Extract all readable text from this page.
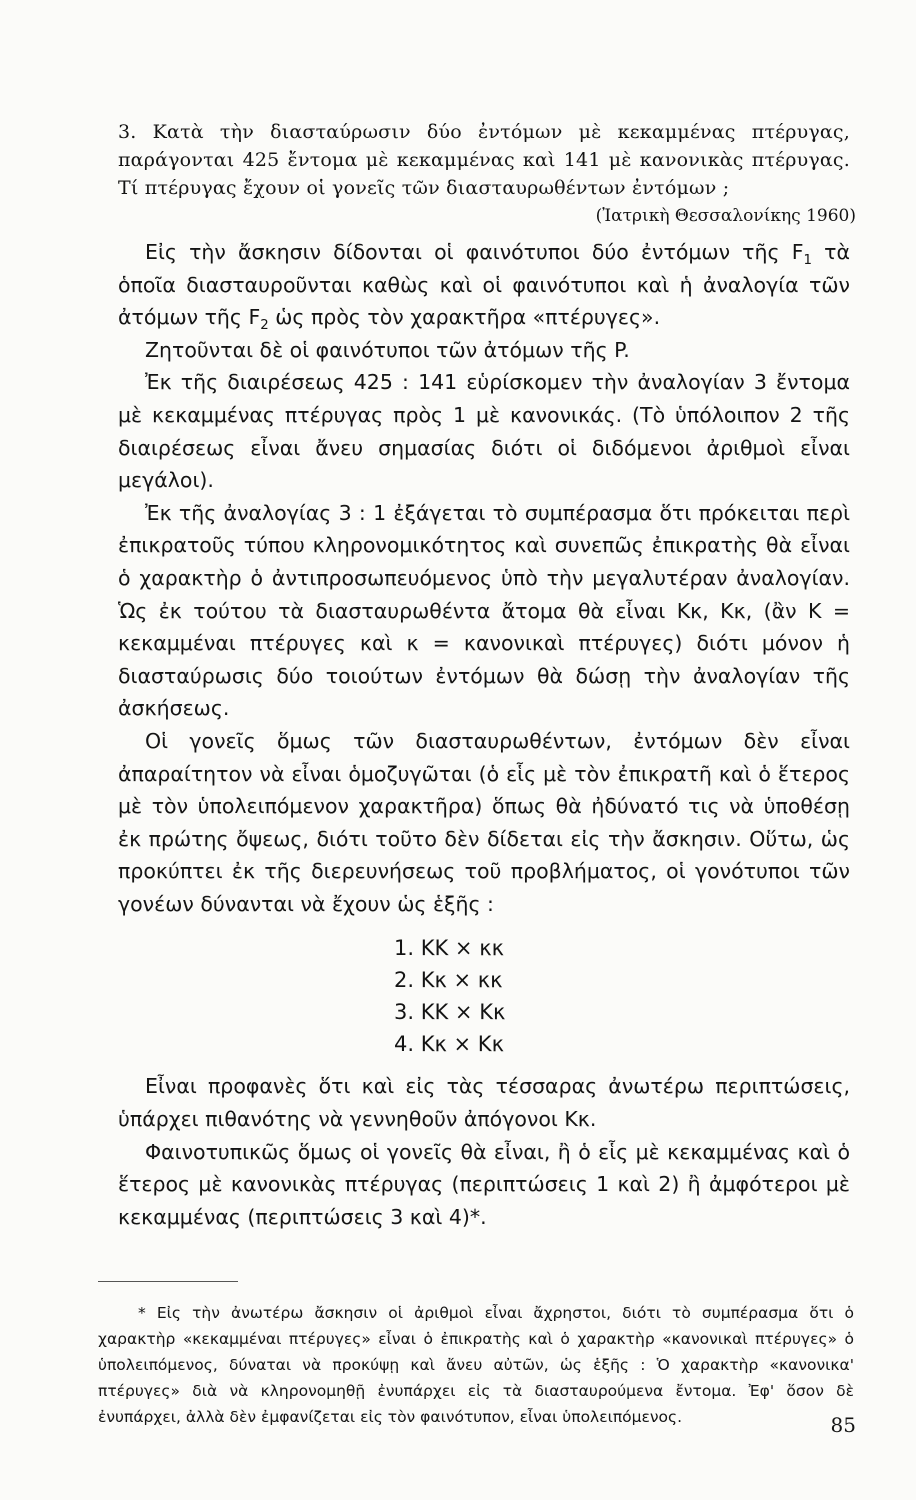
3. Κατὰ τὴν διασταύρωσιν δύο ἐντόμων μὲ κεκαμμένας πτέρυγας, παράγονται 425 ἔντομα μὲ κεκαμμένας καὶ 141 μὲ κανονικὰς πτέρυγας. Τί πτέρυγας ἔχουν οἱ γονεῖς τῶν διασταυρωθέντων ἐντόμων ;

(Ἰατρικὴ Θεσσαλονίκης 1960)

Εἰς τὴν ἄσκησιν δίδονται οἱ φαινότυποι δύο ἐντόμων τῆς $F_1$ τὰ ὁποῖα διασταυροῦνται καθὼς καὶ οἱ φαινότυποι καὶ ἡ ἀναλογία τῶν ἀτόμων τῆς $F_2$ ὡς πρὸς τὸν χαρακτῆρα «πτέρυγες».

Ζητοῦνται δὲ οἱ φαινότυποι τῶν ἀτόμων τῆς P.

Ἐκ τῆς διαιρέσεως 425 : 141 εὑρίσκομεν τὴν ἀναλογίαν 3 ἔντομα μὲ κεκαμμένας πτέρυγας πρὸς 1 μὲ κανονικάς. (Τὸ ὑπόλοιπον 2 τῆς διαιρέσεως εἶναι ἄνευ σημασίας διότι οἱ διδόμενοι ἀριθμοὶ εἶναι μεγάλοι).

Ἐκ τῆς ἀναλογίας 3 : 1 ἐξάγεται τὸ συμπέρασμα ὅτι πρόκειται περὶ ἐπικρατοῦς τύπου κληρονομικότητος καὶ συνεπῶς ἐπικρατὴς θὰ εἶναι ὁ χαρακτὴρ ὁ ἀντιπροσωπευόμενος ὑπὸ τὴν μεγαλυτέραν ἀναλογίαν. Ὡς ἐκ τούτου τὰ διασταυρωθέντα ἄτομα θὰ εἶναι Κκ, Κκ, (ἂν Κ = κεκαμμέναι πτέρυγες καὶ κ = κανονικαὶ πτέρυγες) διότι μόνον ἡ διασταύρωσις δύο τοιούτων ἐντόμων θὰ δώσῃ τὴν ἀναλογίαν τῆς ἀσκήσεως.

Οἱ γονεῖς ὅμως τῶν διασταυρωθέντων, ἐντόμων δὲν εἶναι ἀπαραίτητον νὰ εἶναι ὁμοζυγῶται (ὁ εἷς μὲ τὸν ἐπικρατῆ καὶ ὁ ἕτερος μὲ τὸν ὑπολειπόμενον χαρακτῆρα) ὅπως θὰ ἠδύνατό τις νὰ ὑποθέσῃ ἐκ πρώτης ὄψεως, διότι τοῦτο δὲν δίδεται εἰς τὴν ἄσκησιν. Οὕτω, ὡς προκύπτει ἐκ τῆς διερευνήσεως τοῦ προβλήματος, οἱ γονότυποι τῶν γονέων δύνανται νὰ ἔχουν ὡς ἑξῆς :

1. ΚΚ × κκ
2. Κκ × κκ
3. ΚΚ × Κκ
4. Κκ × Κκ

Εἶναι προφανὲς ὅτι καὶ εἰς τὰς τέσσαρας ἀνωτέρω περιπτώσεις, ὑπάρχει πιθανότης νὰ γεννηθοῦν ἀπόγονοι Κκ.

Φαινοτυπικῶς ὅμως οἱ γονεῖς θὰ εἶναι, ἢ ὁ εἷς μὲ κεκαμμένας καὶ ὁ ἕτερος μὲ κανονικὰς πτέρυγας (περιπτώσεις 1 καὶ 2) ἢ ἀμφότεροι μὲ κεκαμμένας (περιπτώσεις 3 καὶ 4)*.

* Εἰς τὴν ἀνωτέρω ἄσκησιν οἱ ἀριθμοὶ εἶναι ἄχρηστοι, διότι τὸ συμπέρασμα ὅτι ὁ χαρακτὴρ «κεκαμμέναι πτέρυγες» εἶναι ὁ ἐπικρατὴς καὶ ὁ χαρακτὴρ «κανονικαὶ πτέρυγες» ὁ ὑπολειπόμενος, δύναται νὰ προκύψῃ καὶ ἄνευ αὐτῶν, ὡς ἑξῆς : Ὁ χαρακτὴρ «κανονικα' πτέρυγες» διὰ νὰ κληρονομηθῇ ἐνυπάρχει εἰς τὰ διασταυρούμενα ἔντομα. Ἐφ' ὅσον δὲ ἐνυπάρχει, ἀλλὰ δὲν ἐμφανίζεται εἰς τὸν φαινότυπον, εἶναι ὑπολειπόμενος.	85
